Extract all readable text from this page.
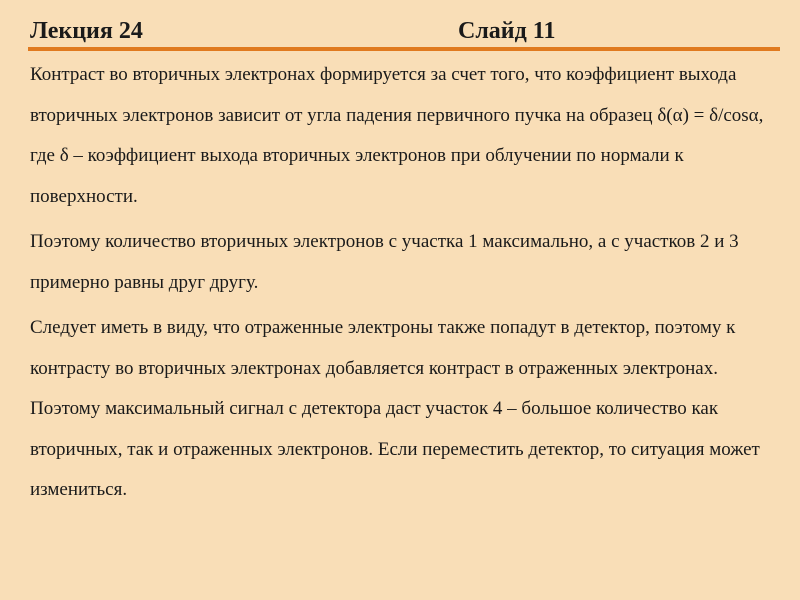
Лекция 24	Слайд 11

Контраст во вторичных электронах формируется за счет того, что коэффициент выхода вторичных электронов зависит от угла падения первичного пучка на образец δ(α) = δ/cosα, где δ – коэффициент выхода вторичных электронов при облучении по нормали к поверхности.

Поэтому количество вторичных электронов с участка 1 максимально, а с участков 2 и 3 примерно равны друг другу.

Следует иметь в виду, что отраженные электроны также попадут в детектор, поэтому к контрасту во вторичных электронах добавляется контраст в отраженных электронах. Поэтому максимальный сигнал с детектора даст участок 4 – большое количество как вторичных, так и отраженных электронов. Если переместить детектор, то ситуация может измениться.
